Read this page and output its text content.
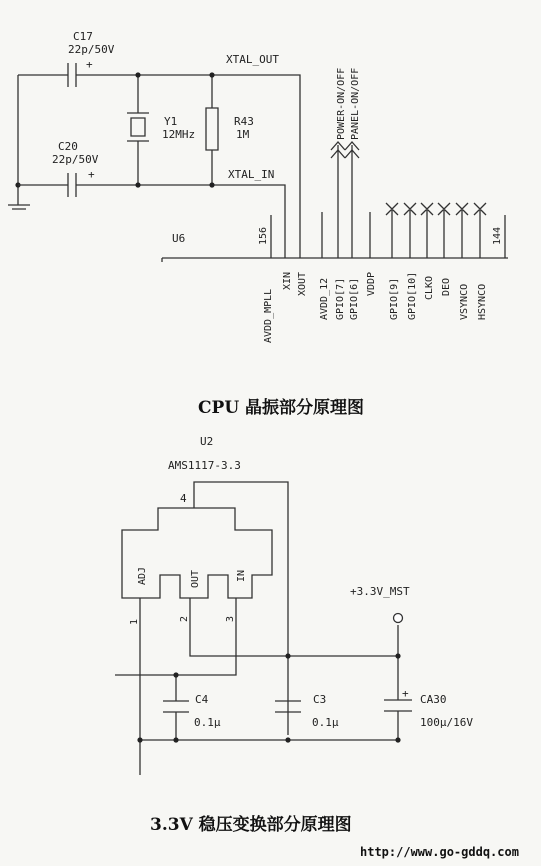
C17
22p/50V
+
C20
22p/50V
+
Y1
12MHz
R43
1M
XTAL_OUT
XTAL_IN
POWER-ON/OFF PANEL-ON/OFF
U6	156	144
AVDD_MPLL
XIN XOUT AVDD_12 GPIO[7] GPIO[6] VDDP GPIO[9] GPIO[10] CLKO DEO VSYNCO HSYNCO
CPU 晶振部分原理图
U2
AMS1117-3.3
4
ADJ	OUT	IN
1	2	3
+3.3V_MST
C4
0.1μ
C3
0.1μ
+ CA30
100μ/16V
3.3V 稳压变换部分原理图
http://www.go-gddq.com
